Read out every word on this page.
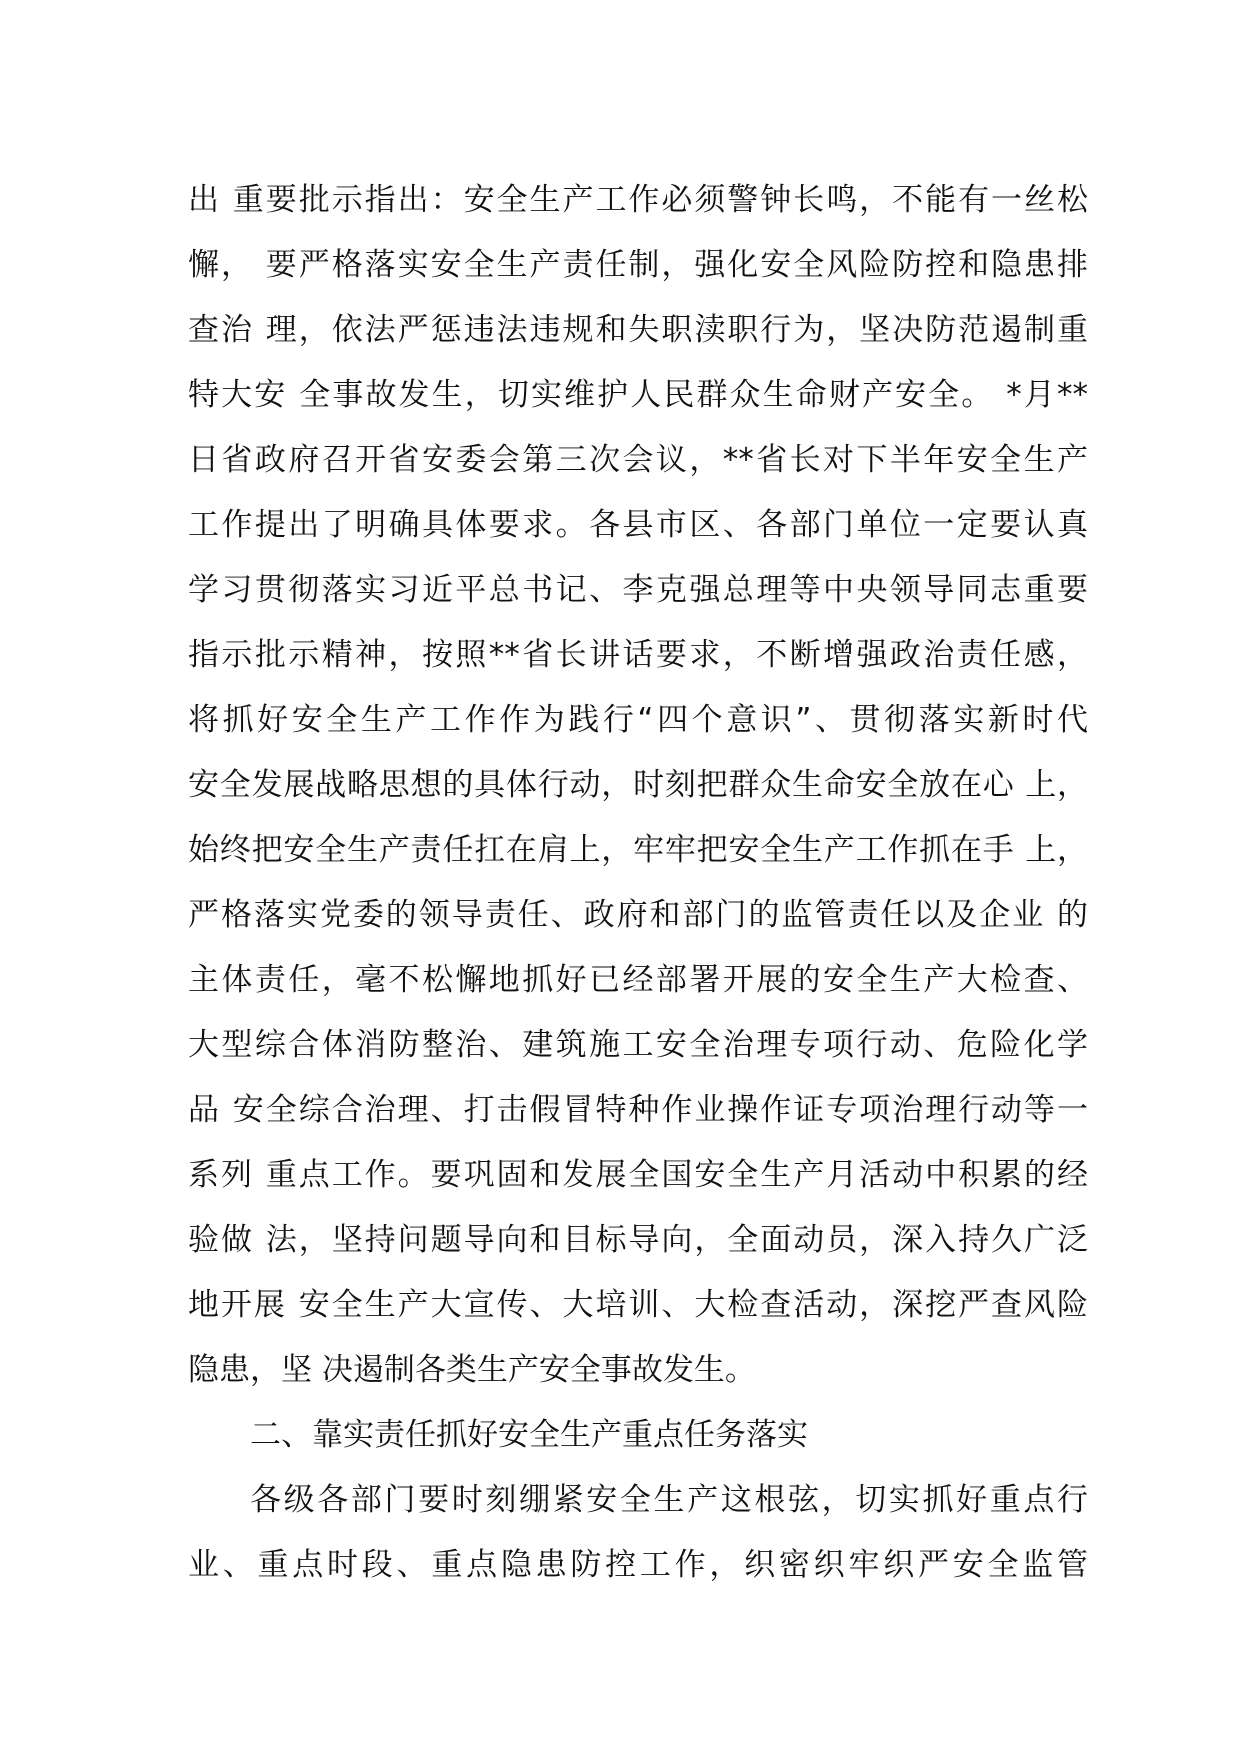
出 重要批示指出：安全生产工作必须警钟长鸣，不能有一丝松
懈， 要严格落实安全生产责任制，强化安全风险防控和隐患排
查治 理，依法严惩违法违规和失职渎职行为，坚决防范遏制重
特大安 全事故发生，切实维护人民群众生命财产安全。 *月**
日省政府召开省安委会第三次会议，**省长对下半年安全生产
工作提出了明确具体要求。各县市区、各部门单位一定要认真
学习贯彻落实习近平总书记、李克强总理等中央领导同志重要
指示批示精神，按照**省长讲话要求，不断增强政治责任感，
将抓好安全生产工作作为践行“四个意识”、贯彻落实新时代
安全发展战略思想的具体行动，时刻把群众生命安全放在心 上，
始终把安全生产责任扛在肩上，牢牢把安全生产工作抓在手 上，
严格落实党委的领导责任、政府和部门的监管责任以及企业 的
主体责任，毫不松懈地抓好已经部署开展的安全生产大检查、
大型综合体消防整治、建筑施工安全治理专项行动、危险化学
品 安全综合治理、打击假冒特种作业操作证专项治理行动等一
系列 重点工作。要巩固和发展全国安全生产月活动中积累的经
验做 法，坚持问题导向和目标导向，全面动员，深入持久广泛
地开展 安全生产大宣传、大培训、大检查活动，深挖严查风险
隐患，坚 决遏制各类生产安全事故发生。
二、靠实责任抓好安全生产重点任务落实
各级各部门要时刻绷紧安全生产这根弦，切实抓好重点行
业、重点时段、重点隐患防控工作，织密织牢织严安全监管
